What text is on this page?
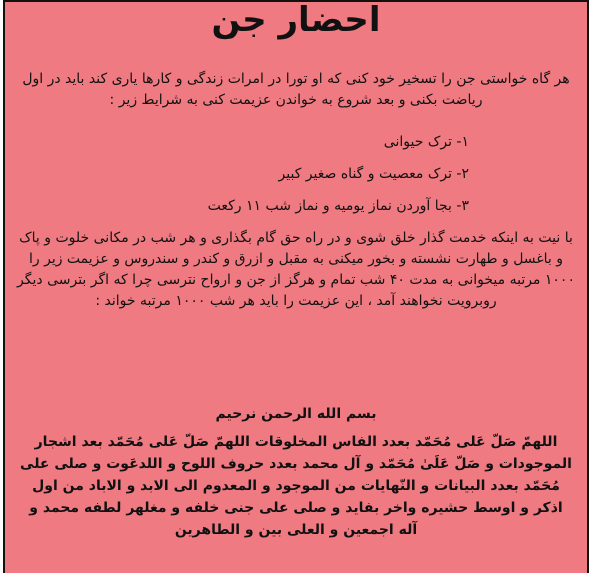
احضار جن

هر گاه خواستی جن را تسخیر خود کنی که او تورا در امرات زندگی و کارها یاری کند باید در اول ریاضت بکنی و بعد شروع به خواندن عزیمت کنی به شرایط زیر :

۱- ترک حیوانی
۲- ترک معصیت و گناه صغیر کبیر
۳- بجا آوردن نماز یومیه و نماز شب ۱۱ رکعت

با نیت به اینکه خدمت گذار خلق شوی و در راه حق گام بگذاری و هر شب در مکانی خلوت و پاک و باغسل و طهارت نشسته و بخور میکنی به مقبل و ازرق و کندر و سندروس و عزیمت زیر را ۱۰۰۰ مرتبه میخوانی به مدت ۴۰ شب تمام و هرگز از جن و ارواح نترسی چرا که اگر بترسی دیگر روبرویت نخواهند آمد ، این عزیمت را باید هر شب ۱۰۰۰ مرتبه خواند :

بسم الله الرحمن نرحیم

اللهمّ صَلّ عَلی مُحَمّد بعدد الفاس المخلوقات اللهمّ صَلّ عَلی مُحَمّد بعد اشجار الموجودات و صَلّ عَلَیٰ مُحَمّد و آل محمد بعدد حروف اللوح و اللدعَوت و صلی علی مُحَمّد بعدد البیانات و النّهایات من الموجود و المعدوم الی الابد و الاباد من اول اذکر و اوسط حشیره واخر بفاید و صلی علی جنی خلفه و مغلهر لطفه محمد و آله اجمعین و العلی بین و الطاهرین
